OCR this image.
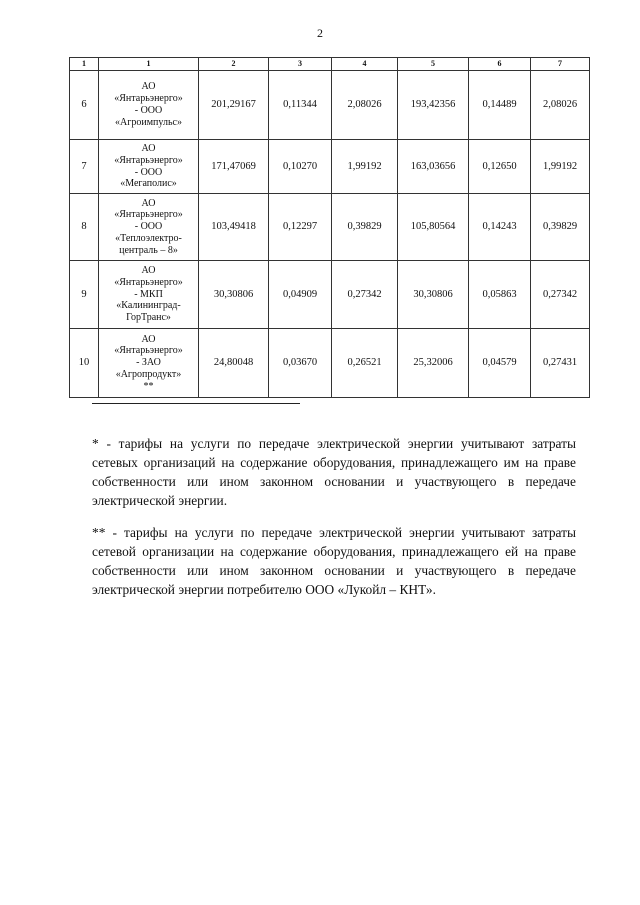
2
1	1	2	3	4	5	6	7
6	АО
«Янтарьэнерго»
- ООО
«Агроимпульс»	201,29167	0,11344	2,08026	193,42356	0,14489	2,08026
7	АО
«Янтарьэнерго»
- ООО
«Мегаполис»	171,47069	0,10270	1,99192	163,03656	0,12650	1,99192
8	АО
«Янтарьэнерго»
- ООО
«Теплоэлектро-
централь – 8»	103,49418	0,12297	0,39829	105,80564	0,14243	0,39829
9	АО
«Янтарьэнерго»
- МКП
«Калининград-
ГорТранс»	30,30806	0,04909	0,27342	30,30806	0,05863	0,27342
10	АО
«Янтарьэнерго»
- ЗАО
«Агропродукт»
**	24,80048	0,03670	0,26521	25,32006	0,04579	0,27431

* - тарифы на услуги по передаче электрической энергии учитывают затраты сетевых организаций на содержание оборудования, принадлежащего им на праве собственности или ином законном основании и участвующего в передаче электрической энергии.

** - тарифы на услуги по передаче электрической энергии учитывают затраты сетевой организации на содержание оборудования, принадлежащего ей на праве собственности или ином законном основании и участвующего в передаче электрической энергии потребителю ООО «Лукойл – КНТ».
